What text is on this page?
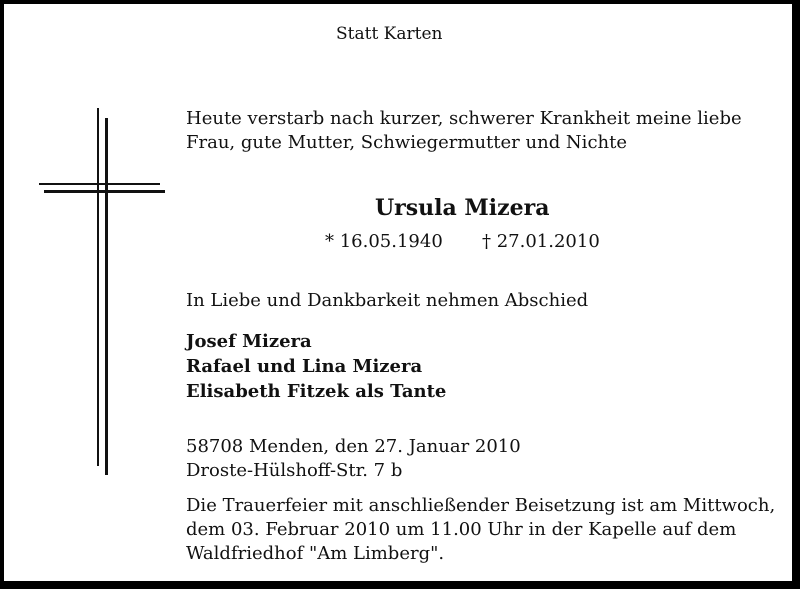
Statt Karten
Heute verstarb nach kurzer, schwerer Krankheit meine liebe
Frau, gute Mutter, Schwiegermutter und Nichte
Ursula Mizera
* 16.05.1940 † 27.01.2010
In Liebe und Dankbarkeit nehmen Abschied
Josef Mizera
Rafael und Lina Mizera
Elisabeth Fitzek als Tante
58708 Menden, den 27. Januar 2010
Droste-Hülshoff-Str. 7 b
Die Trauerfeier mit anschließender Beisetzung ist am Mittwoch,
dem 03. Februar 2010 um 11.00 Uhr in der Kapelle auf dem
Waldfriedhof "Am Limberg".
